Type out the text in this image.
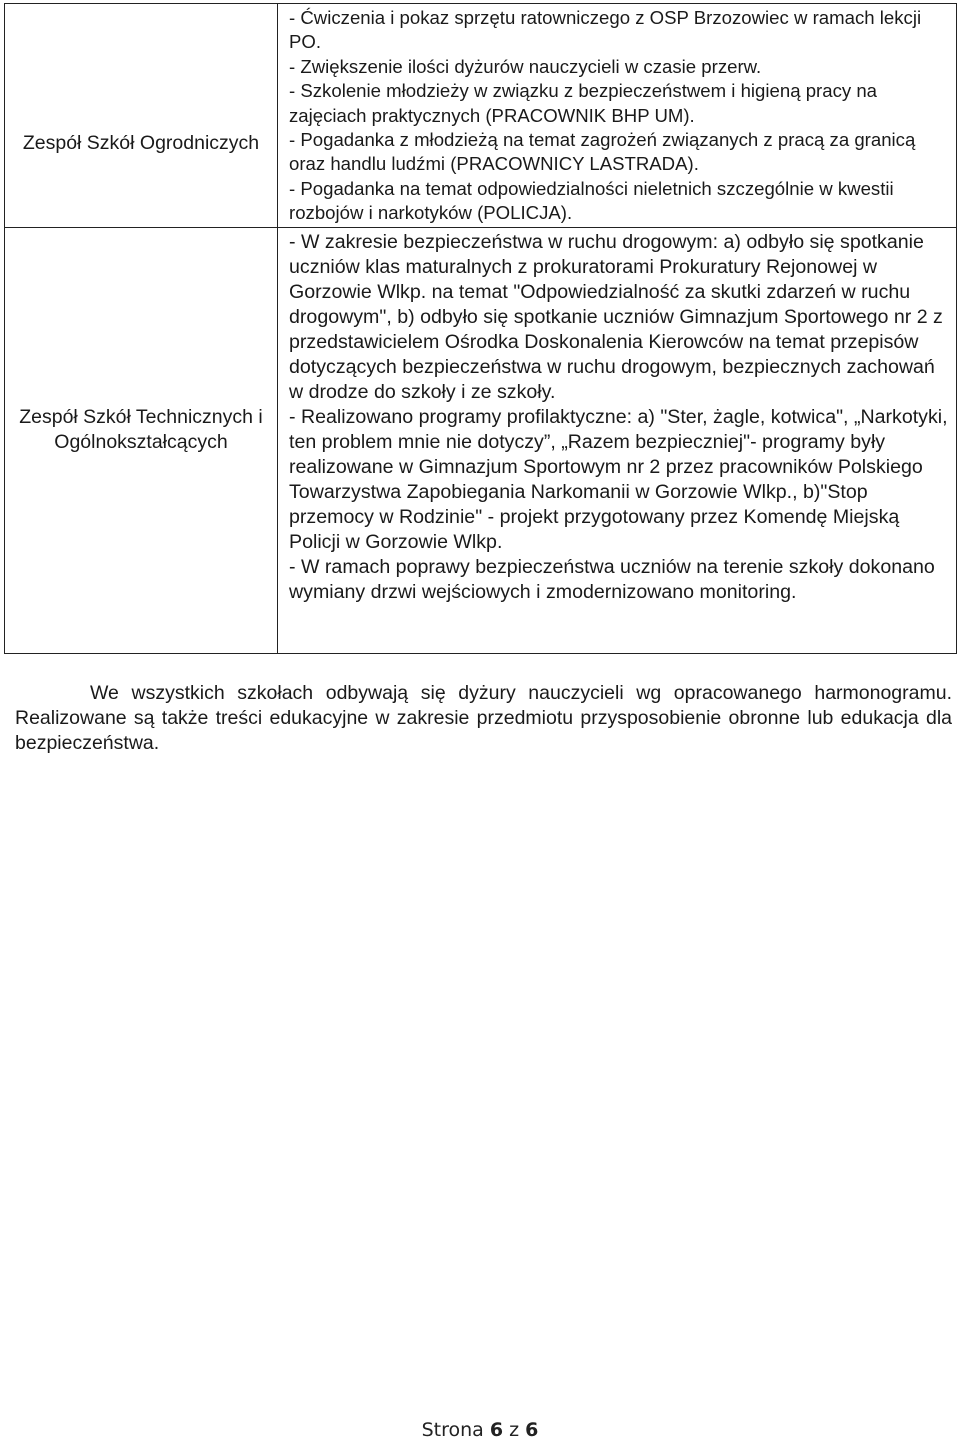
Zespół Szkół Ogrodniczych	- Ćwiczenia i pokaz sprzętu ratowniczego z OSP Brzozowiec w ramach lekcji PO.

- Zwiększenie ilości dyżurów nauczycieli w czasie przerw.

- Szkolenie młodzieży w związku z bezpieczeństwem i higieną pracy na zajęciach praktycznych (PRACOWNIK BHP UM).

- Pogadanka z młodzieżą na temat zagrożeń związanych z pracą za granicą oraz handlu ludźmi (PRACOWNICY LASTRADA).

- Pogadanka na temat odpowiedzialności nieletnich szczególnie w kwestii rozbojów i narkotyków (POLICJA).

Zespół Szkół Technicznych i Ogólnokształcących	- W zakresie bezpieczeństwa w ruchu drogowym: a) odbyło się spotkanie uczniów klas maturalnych z prokuratorami Prokuratury Rejonowej w Gorzowie Wlkp. na temat "Odpowiedzialność za skutki zdarzeń w ruchu drogowym", b) odbyło się spotkanie uczniów Gimnazjum Sportowego nr 2 z przedstawicielem Ośrodka Doskonalenia Kierowców na temat przepisów dotyczących bezpieczeństwa w ruchu drogowym, bezpiecznych zachowań w drodze do szkoły i ze szkoły.

- Realizowano programy profilaktyczne: a) "Ster, żagle, kotwica", „Narkotyki, ten problem mnie nie dotyczy”, „Razem bezpieczniej"- programy były realizowane w Gimnazjum Sportowym nr 2 przez pracowników Polskiego Towarzystwa Zapobiegania Narkomanii w Gorzowie Wlkp., b)"Stop przemocy w Rodzinie" - projekt przygotowany przez Komendę Miejską Policji w Gorzowie Wlkp.

- W ramach poprawy bezpieczeństwa uczniów na terenie szkoły dokonano wymiany drzwi wejściowych i zmodernizowano monitoring.

We wszystkich szkołach odbywają się dyżury nauczycieli wg opracowanego harmonogramu. Realizowane są także treści edukacyjne w zakresie przedmiotu przysposobienie obronne lub edukacja dla bezpieczeństwa.

Strona 6 z 6
